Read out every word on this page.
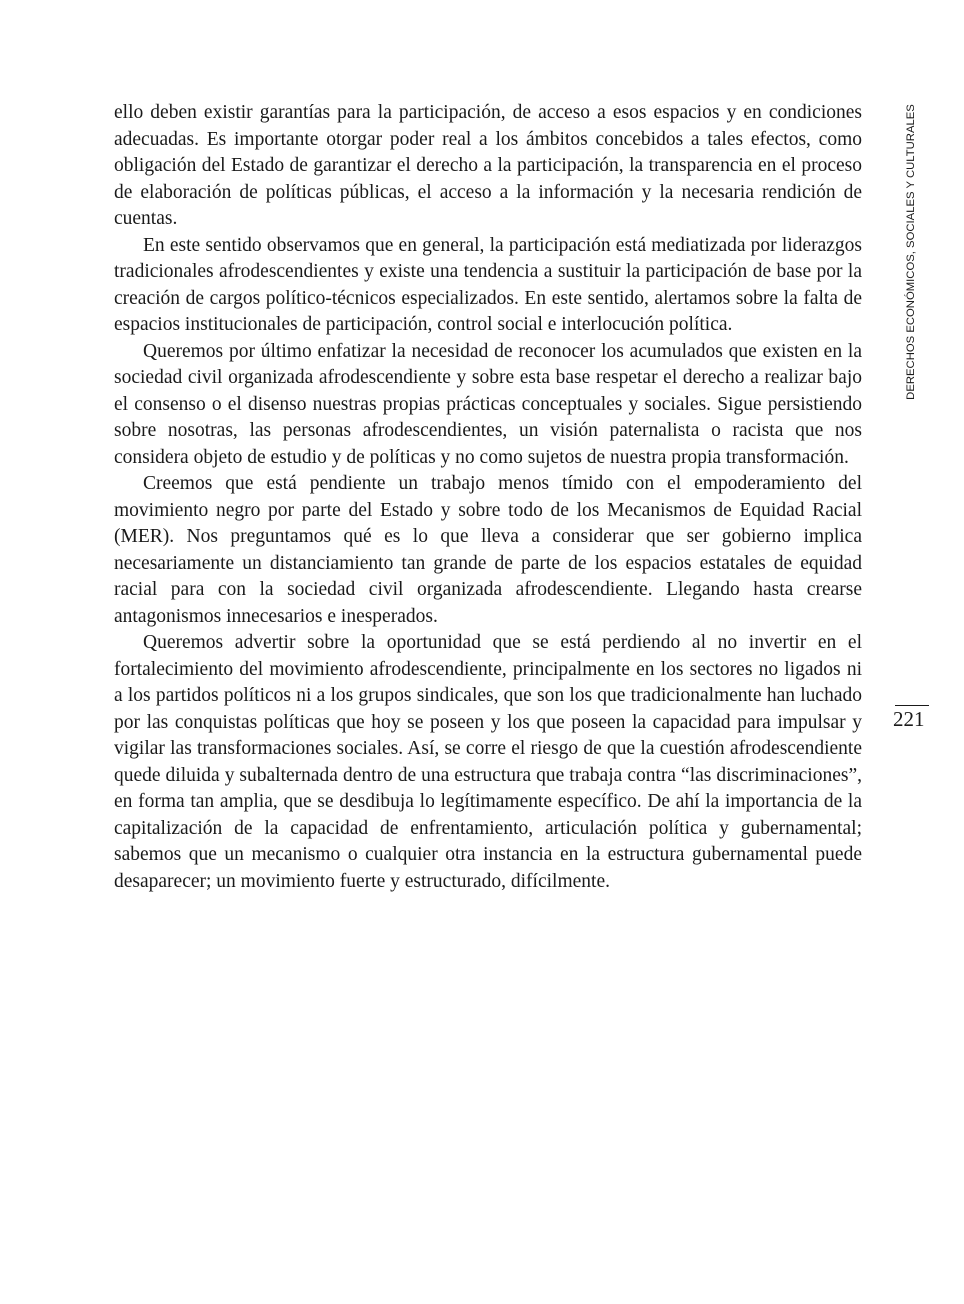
ello deben existir garantías para la participación, de acceso a esos espacios y en condiciones adecuadas. Es importante otorgar poder real a los ámbitos concebidos a tales efectos, como obligación del Estado de garantizar el derecho a la participación, la transparencia en el proceso de elaboración de políticas públicas, el acceso a la información y la necesaria rendición de cuentas.

En este sentido observamos que en general, la participación está mediatizada por liderazgos tradicionales afrodescendientes y existe una tendencia a sustituir la participación de base por la creación de cargos político-técnicos especializados. En este sentido, alertamos sobre la falta de espacios institucionales de participación, control social e interlocución política.

Queremos por último enfatizar la necesidad de reconocer los acumulados que existen en la sociedad civil organizada afrodescendiente y sobre esta base respetar el derecho a realizar bajo el consenso o el disenso nuestras propias prácticas conceptuales y sociales. Sigue persistiendo sobre nosotras, las personas afrodescendientes, un visión paternalista o racista que nos considera objeto de estudio y de políticas y no como sujetos de nuestra propia transformación.

Creemos que está pendiente un trabajo menos tímido con el empoderamiento del movimiento negro por parte del Estado y sobre todo de los Mecanismos de Equidad Racial (MER). Nos preguntamos qué es lo que lleva a considerar que ser gobierno implica necesariamente un distanciamiento tan grande de parte de los espacios estatales de equidad racial para con la sociedad civil organizada afrodescendiente. Llegando hasta crearse antagonismos innecesarios e inesperados.

Queremos advertir sobre la oportunidad que se está perdiendo al no invertir en el fortalecimiento del movimiento afrodescendiente, principalmente en los sectores no ligados ni a los partidos políticos ni a los grupos sindicales, que son los que tradicionalmente han luchado por las conquistas políticas que hoy se poseen y los que poseen la capacidad para impulsar y vigilar las transformaciones sociales. Así, se corre el riesgo de que la cuestión afrodescendiente quede diluida y subalternada dentro de una estructura que trabaja contra “las discriminaciones”, en forma tan amplia, que se desdibuja lo legítimamente específico. De ahí la importancia de la capitalización de la capacidad de enfrentamiento, articulación política y gubernamental; sabemos que un mecanismo o cualquier otra instancia en la estructura gubernamental puede desaparecer; un movimiento fuerte y estructurado, difícilmente.

DERECHOS ECONÓMICOS, SOCIALES Y CULTURALES
221
